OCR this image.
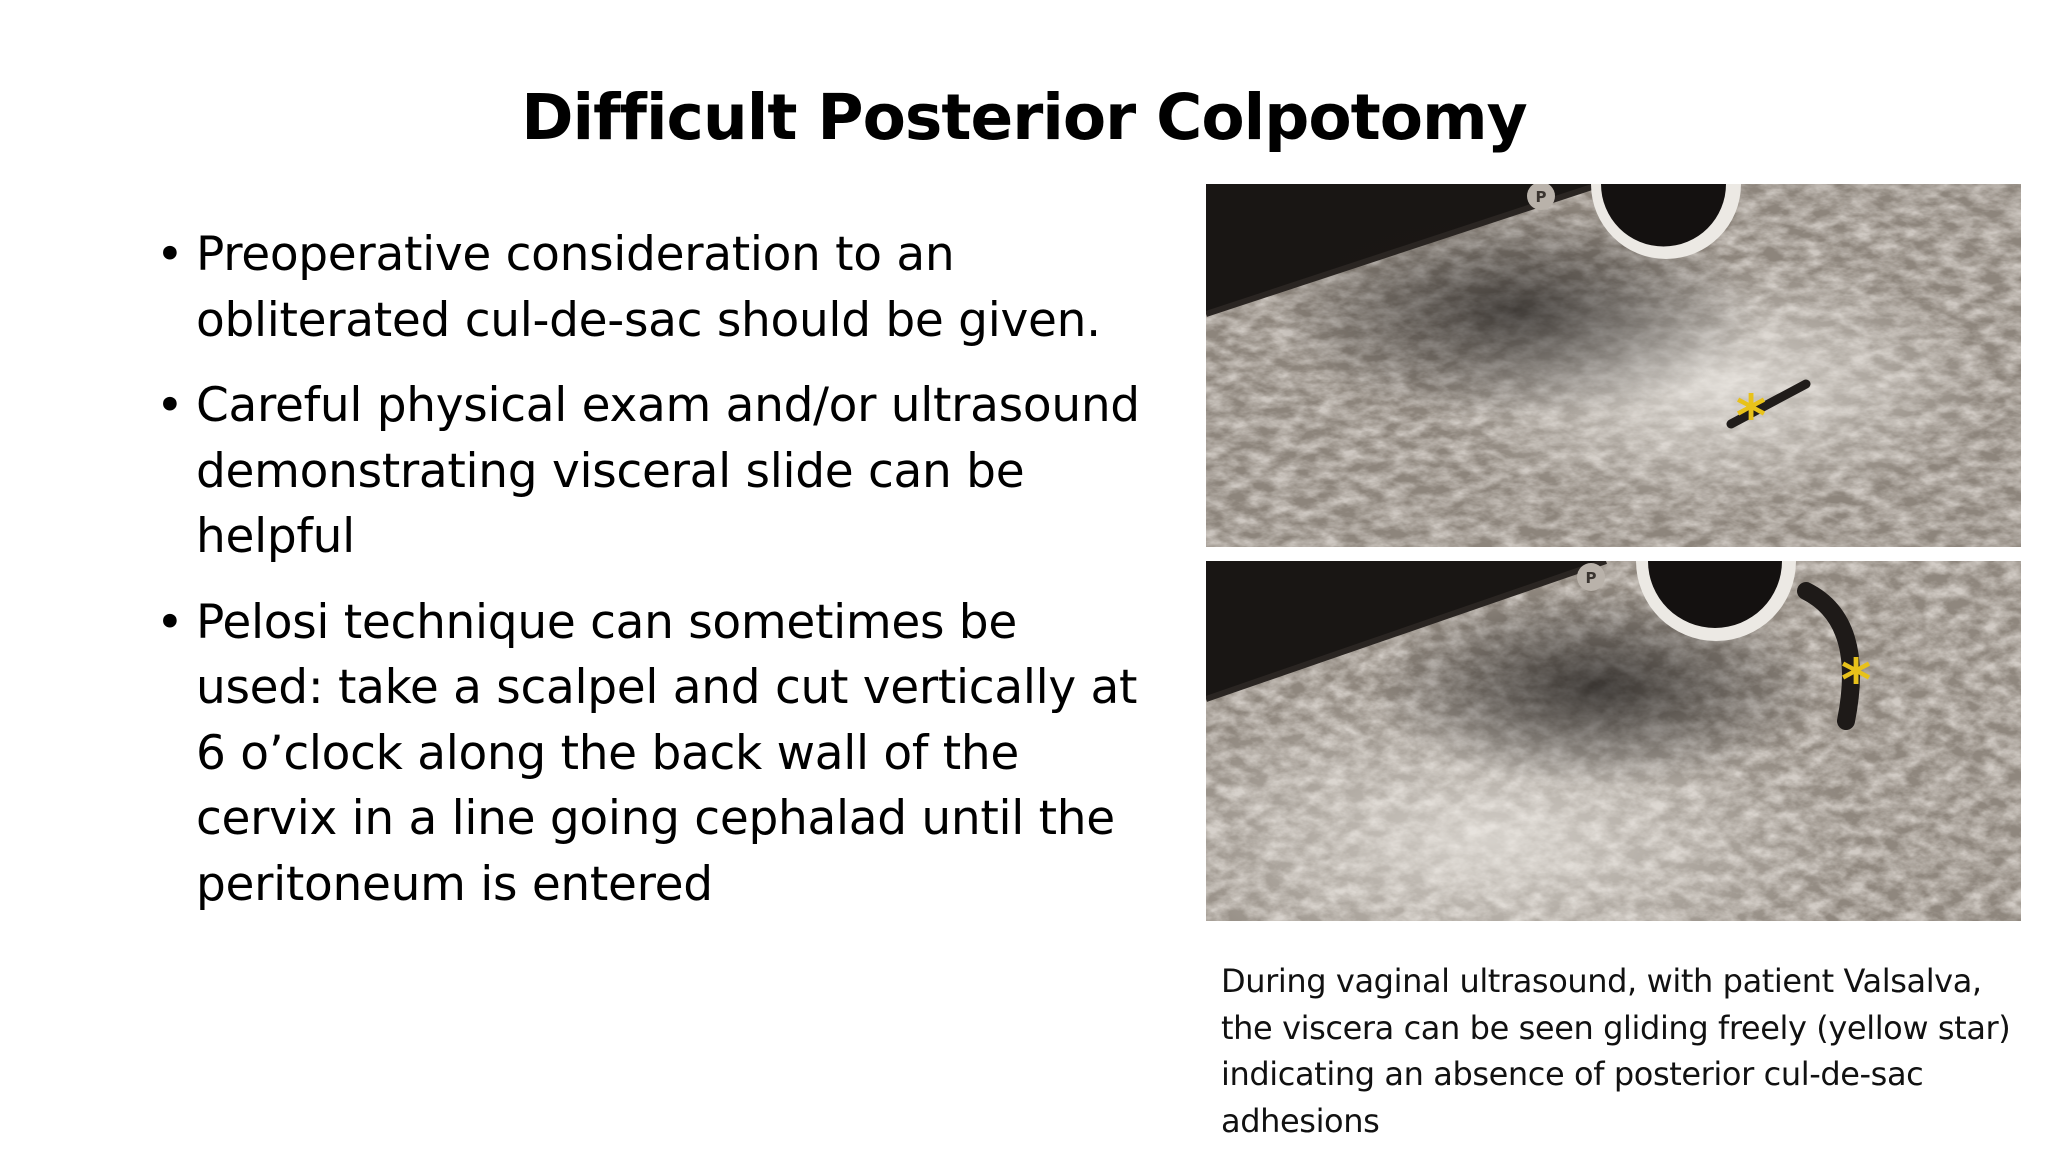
Difficult Posterior Colpotomy
• Preoperative consideration to an obliterated cul-de-sac should be given.
• Careful physical exam and/or ultrasound demonstrating visceral slide can be helpful
• Pelosi technique can sometimes be used: take a scalpel and cut vertically at 6 o’clock along the back wall of the cervix in a line going cephalad until the peritoneum is entered
P
*
P
*
During vaginal ultrasound, with patient Valsalva, the viscera can be seen gliding freely (yellow star) indicating an absence of posterior cul-de-sac adhesions
